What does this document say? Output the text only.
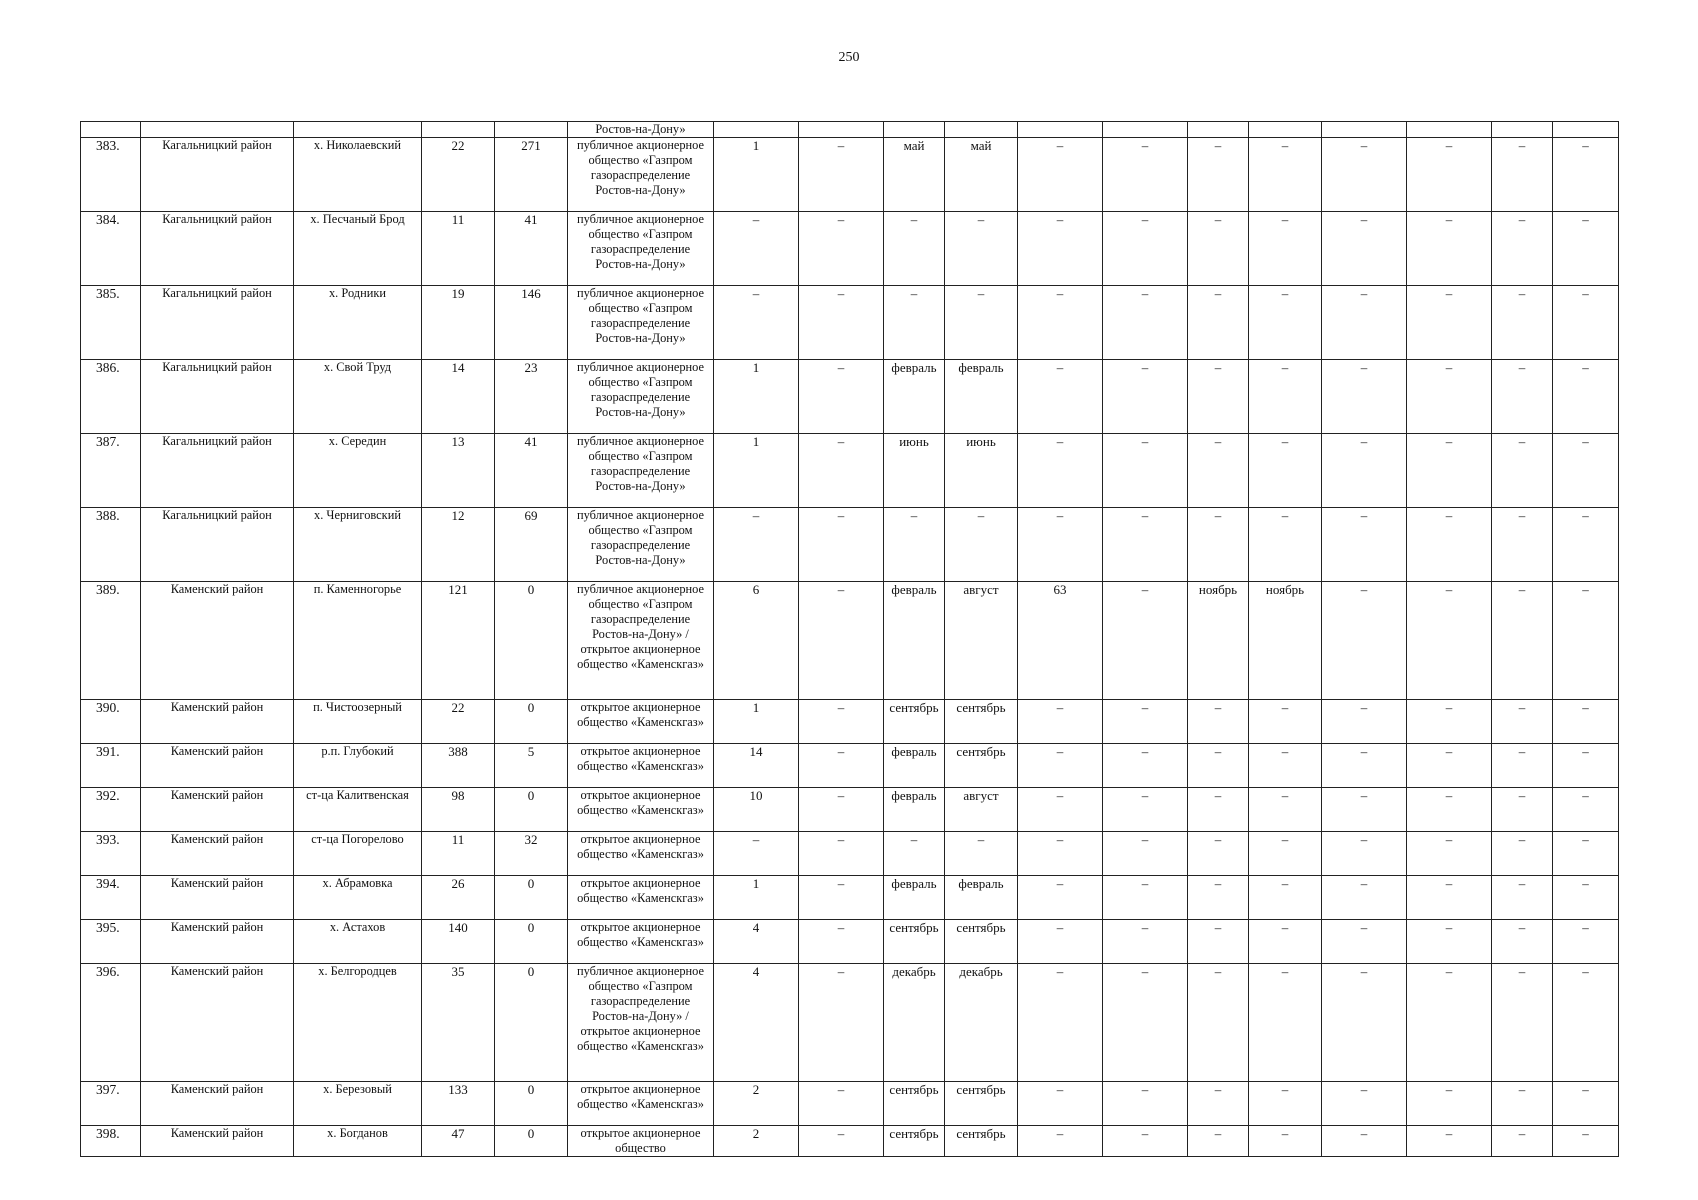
250
					Ростов-на-Дону»												
383.	Кагальницкий район	х. Николаевский	22	271	публичное акционерное общество «Газпром газораспределение Ростов-на-Дону»	1	–	май	май	–	–	–	–	–	–	–	–
384.	Кагальницкий район	х. Песчаный Брод	11	41	публичное акционерное общество «Газпром газораспределение Ростов-на-Дону»	–	–	–	–	–	–	–	–	–	–	–	–
385.	Кагальницкий район	х. Родники	19	146	публичное акционерное общество «Газпром газораспределение Ростов-на-Дону»	–	–	–	–	–	–	–	–	–	–	–	–
386.	Кагальницкий район	х. Свой Труд	14	23	публичное акционерное общество «Газпром газораспределение Ростов-на-Дону»	1	–	февраль	февраль	–	–	–	–	–	–	–	–
387.	Кагальницкий район	х. Середин	13	41	публичное акционерное общество «Газпром газораспределение Ростов-на-Дону»	1	–	июнь	июнь	–	–	–	–	–	–	–	–
388.	Кагальницкий район	х. Черниговский	12	69	публичное акционерное общество «Газпром газораспределение Ростов-на-Дону»	–	–	–	–	–	–	–	–	–	–	–	–
389.	Каменский район	п. Каменногорье	121	0	публичное акционерное общество «Газпром газораспределение Ростов-на-Дону» / открытое акционерное общество «Каменскгаз»	6	–	февраль	август	63	–	ноябрь	ноябрь	–	–	–	–
390.	Каменский район	п. Чистоозерный	22	0	открытое акционерное общество «Каменскгаз»	1	–	сентябрь	сентябрь	–	–	–	–	–	–	–	–
391.	Каменский район	р.п. Глубокий	388	5	открытое акционерное общество «Каменскгаз»	14	–	февраль	сентябрь	–	–	–	–	–	–	–	–
392.	Каменский район	ст-ца Калитвенская	98	0	открытое акционерное общество «Каменскгаз»	10	–	февраль	август	–	–	–	–	–	–	–	–
393.	Каменский район	ст-ца Погорелово	11	32	открытое акционерное общество «Каменскгаз»	–	–	–	–	–	–	–	–	–	–	–	–
394.	Каменский район	х. Абрамовка	26	0	открытое акционерное общество «Каменскгаз»	1	–	февраль	февраль	–	–	–	–	–	–	–	–
395.	Каменский район	х. Астахов	140	0	открытое акционерное общество «Каменскгаз»	4	–	сентябрь	сентябрь	–	–	–	–	–	–	–	–
396.	Каменский район	х. Белгородцев	35	0	публичное акционерное общество «Газпром газораспределение Ростов-на-Дону» / открытое акционерное общество «Каменскгаз»	4	–	декабрь	декабрь	–	–	–	–	–	–	–	–
397.	Каменский район	х. Березовый	133	0	открытое акционерное общество «Каменскгаз»	2	–	сентябрь	сентябрь	–	–	–	–	–	–	–	–
398.	Каменский район	х. Богданов	47	0	открытое акционерное общество	2	–	сентябрь	сентябрь	–	–	–	–	–	–	–	–
